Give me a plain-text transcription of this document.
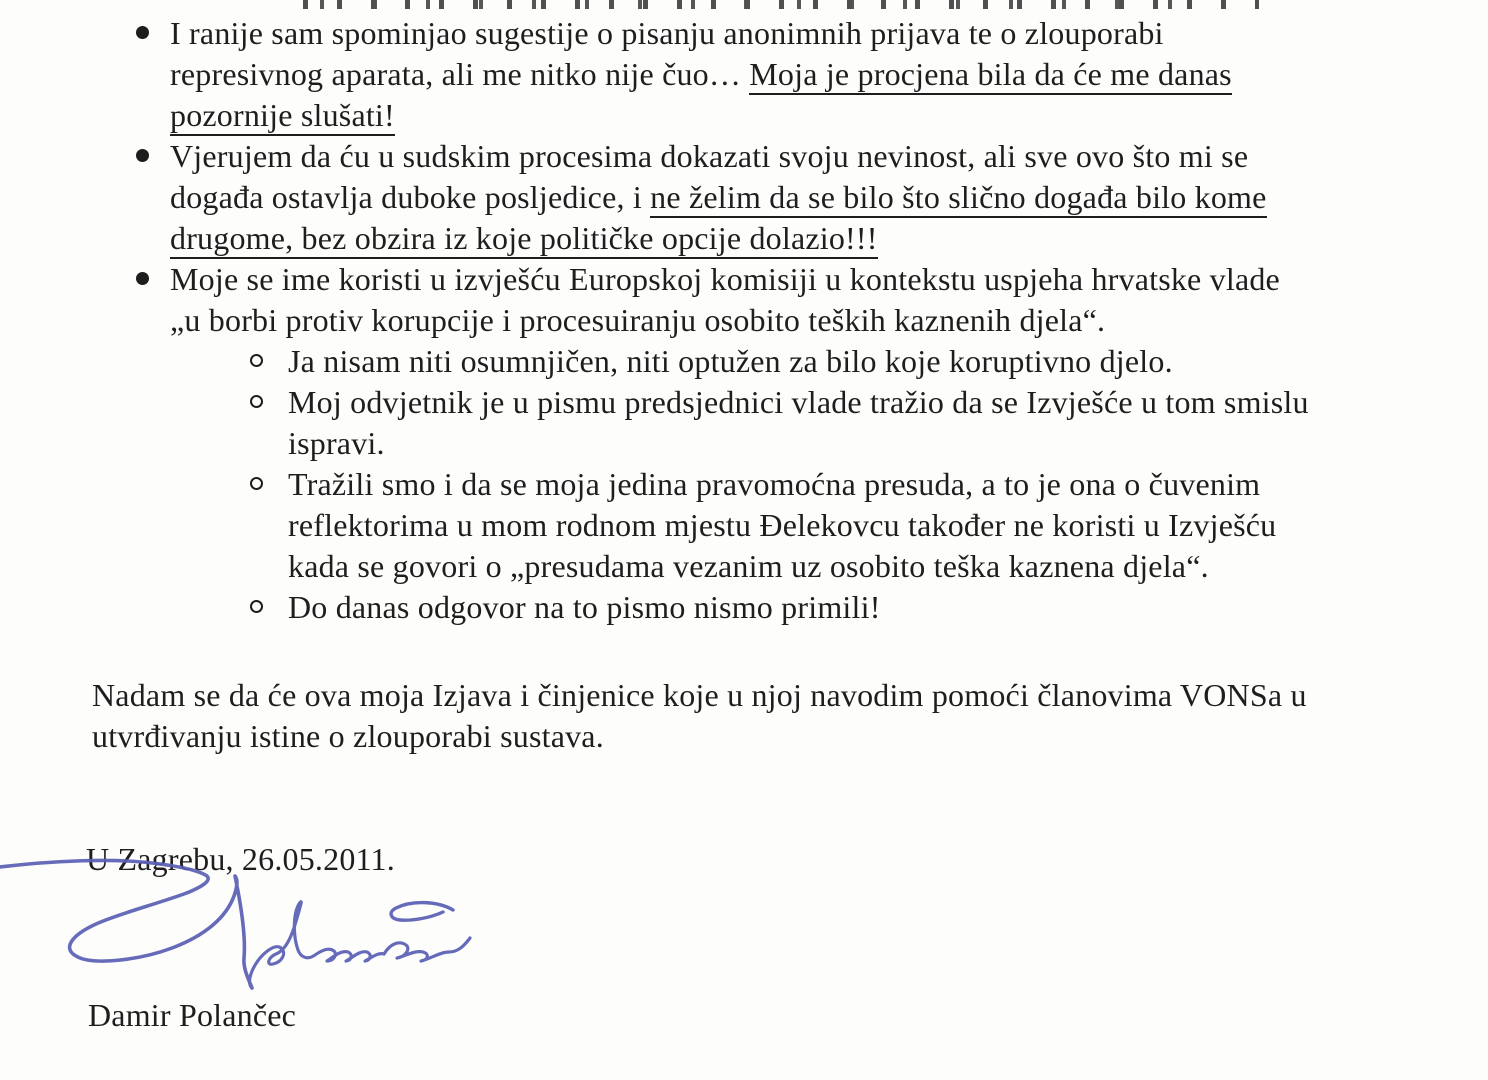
I ranije sam spominjao sugestije o pisanju anonimnih prijava te o zlouporabi
represivnog aparata, ali me nitko nije čuo… Moja je procjena bila da će me danas
pozornije slušati!
Vjerujem da ću u sudskim procesima dokazati svoju nevinost, ali sve ovo što mi se
događa ostavlja duboke posljedice, i ne želim da se bilo što slično događa bilo kome
drugome, bez obzira iz koje političke opcije dolazio!!!
Moje se ime koristi u izvješću Europskoj komisiji u kontekstu uspjeha hrvatske vlade
„u borbi protiv korupcije i procesuiranju osobito teških kaznenih djela“.
Ja nisam niti osumnjičen, niti optužen za bilo koje koruptivno djelo.
Moj odvjetnik je u pismu predsjednici vlade tražio da se Izvješće u tom smislu
ispravi.
Tražili smo i da se moja jedina pravomoćna presuda, a to je ona o čuvenim
reflektorima u mom rodnom mjestu Đelekovcu također ne koristi u Izvješću
kada se govori o „presudama vezanim uz osobito teška kaznena djela“.
Do danas odgovor na to pismo nismo primili!
Nadam se da će ova moja Izjava i činjenice koje u njoj navodim pomoći članovima VONSa u
utvrđivanju istine o zlouporabi sustava.
U Zagrebu, 26.05.2011.
Damir Polančec
